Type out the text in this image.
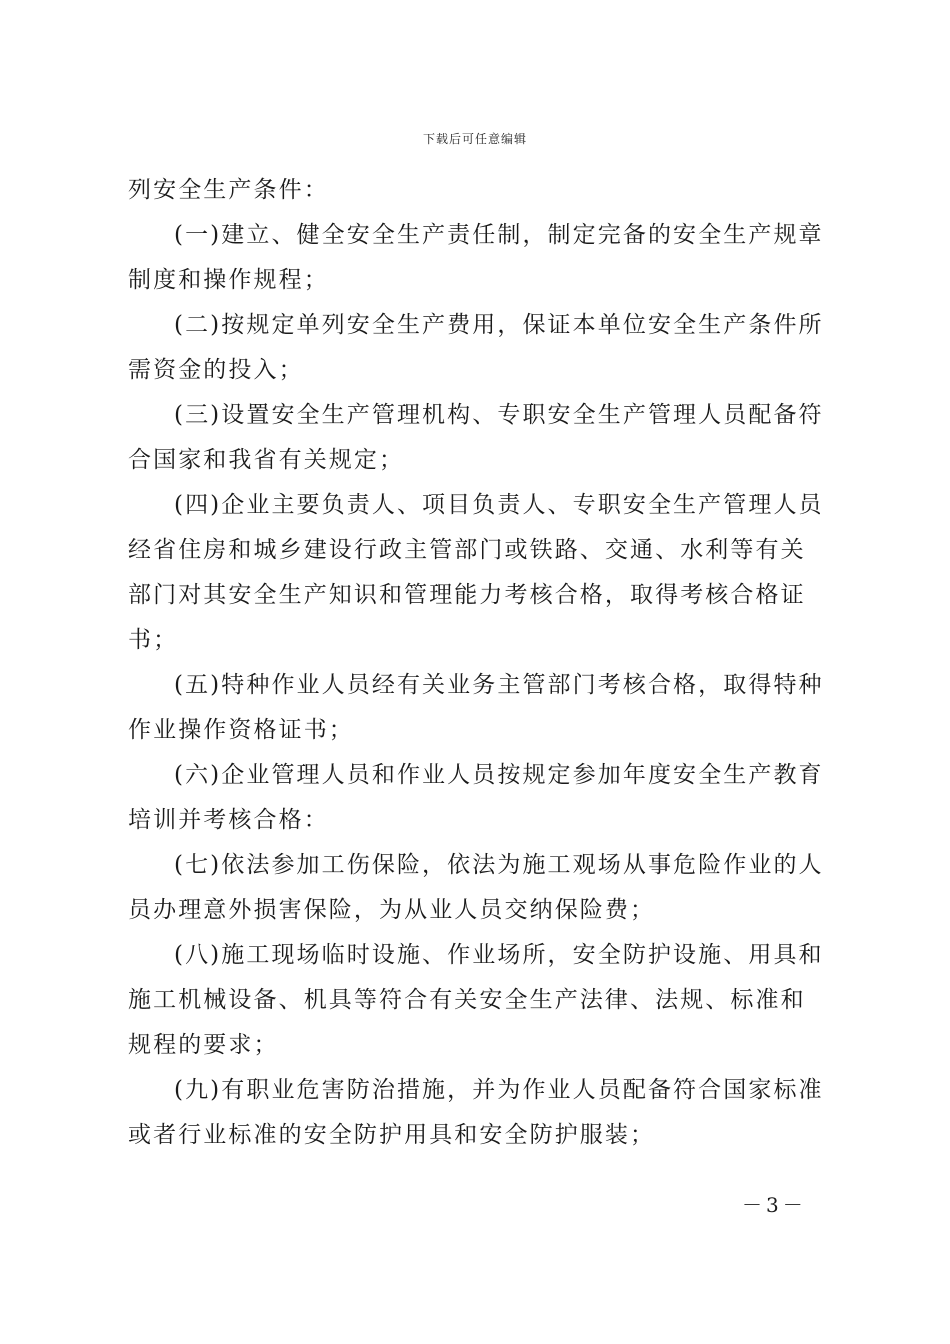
下载后可任意编辑
列安全生产条件：
(一)建立、健全安全生产责任制，制定完备的安全生产规章
制度和操作规程；
(二)按规定单列安全生产费用，保证本单位安全生产条件所
需资金的投入；
(三)设置安全生产管理机构、专职安全生产管理人员配备符
合国家和我省有关规定；
(四)企业主要负责人、项目负责人、专职安全生产管理人员
经省住房和城乡建设行政主管部门或铁路、交通、水利等有关
部门对其安全生产知识和管理能力考核合格，取得考核合格证
书；
(五)特种作业人员经有关业务主管部门考核合格，取得特种
作业操作资格证书；
(六)企业管理人员和作业人员按规定参加年度安全生产教育
培训并考核合格：
(七)依法参加工伤保险，依法为施工观场从事危险作业的人
员办理意外损害保险，为从业人员交纳保险费；
(八)施工现场临时设施、作业场所，安全防护设施、用具和
施工机械设备、机具等符合有关安全生产法律、法规、标准和
规程的要求；
(九)有职业危害防治措施，并为作业人员配备符合国家标准
或者行业标准的安全防护用具和安全防护服装；
－3－
